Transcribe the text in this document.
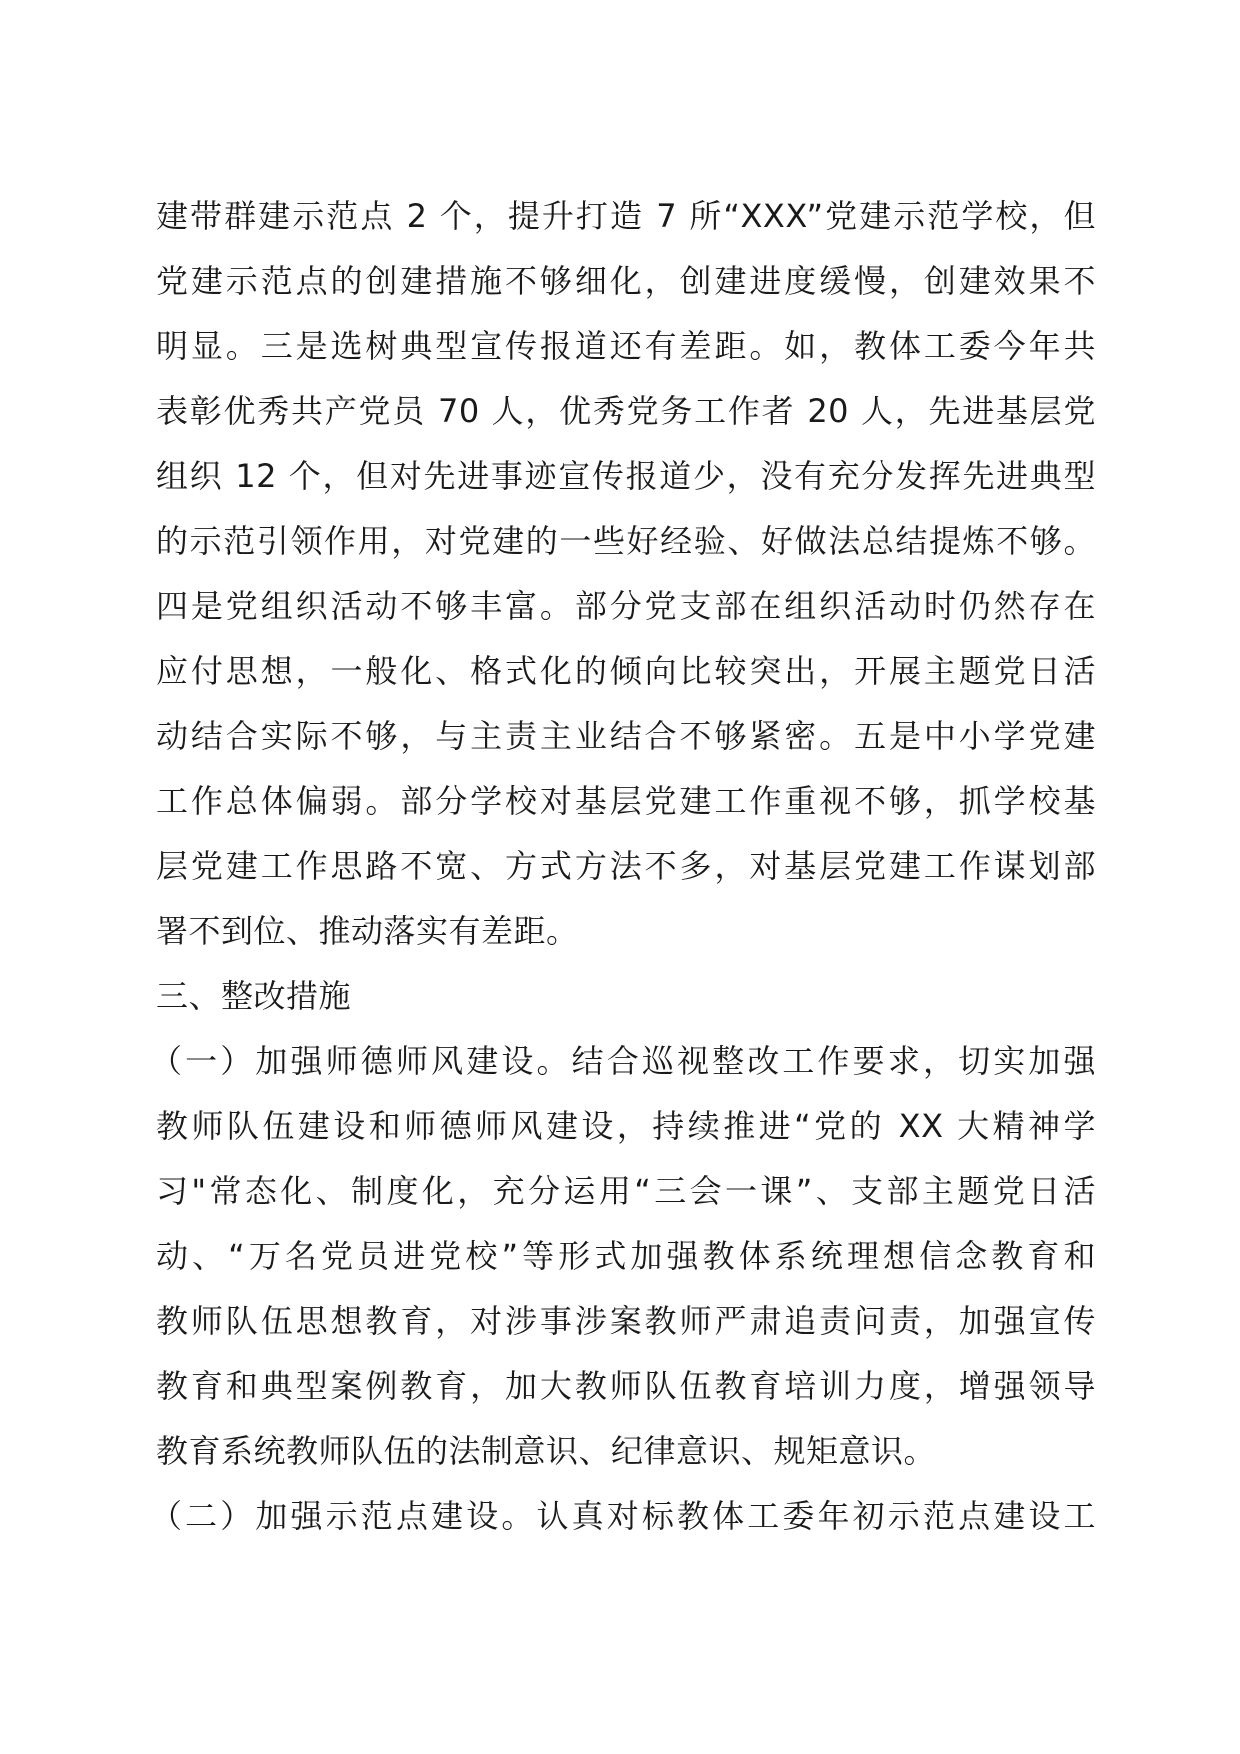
建带群建示范点 2 个，提升打造 7 所“XXX”党建示范学校，但
党建示范点的创建措施不够细化，创建进度缓慢，创建效果不
明显。三是选树典型宣传报道还有差距。如，教体工委今年共
表彰优秀共产党员 70 人，优秀党务工作者 20 人，先进基层党
组织 12 个，但对先进事迹宣传报道少，没有充分发挥先进典型
的示范引领作用，对党建的一些好经验、好做法总结提炼不够。
四是党组织活动不够丰富。部分党支部在组织活动时仍然存在
应付思想，一般化、格式化的倾向比较突出，开展主题党日活
动结合实际不够，与主责主业结合不够紧密。五是中小学党建
工作总体偏弱。部分学校对基层党建工作重视不够，抓学校基
层党建工作思路不宽、方式方法不多，对基层党建工作谋划部
署不到位、推动落实有差距。
三、整改措施
（一）加强师德师风建设。结合巡视整改工作要求，切实加强
教师队伍建设和师德师风建设，持续推进“党的 XX 大精神学
习"常态化、制度化，充分运用“三会一课”、支部主题党日活
动、“万名党员进党校”等形式加强教体系统理想信念教育和
教师队伍思想教育，对涉事涉案教师严肃追责问责，加强宣传
教育和典型案例教育，加大教师队伍教育培训力度，增强领导
教育系统教师队伍的法制意识、纪律意识、规矩意识。
（二）加强示范点建设。认真对标教体工委年初示范点建设工
